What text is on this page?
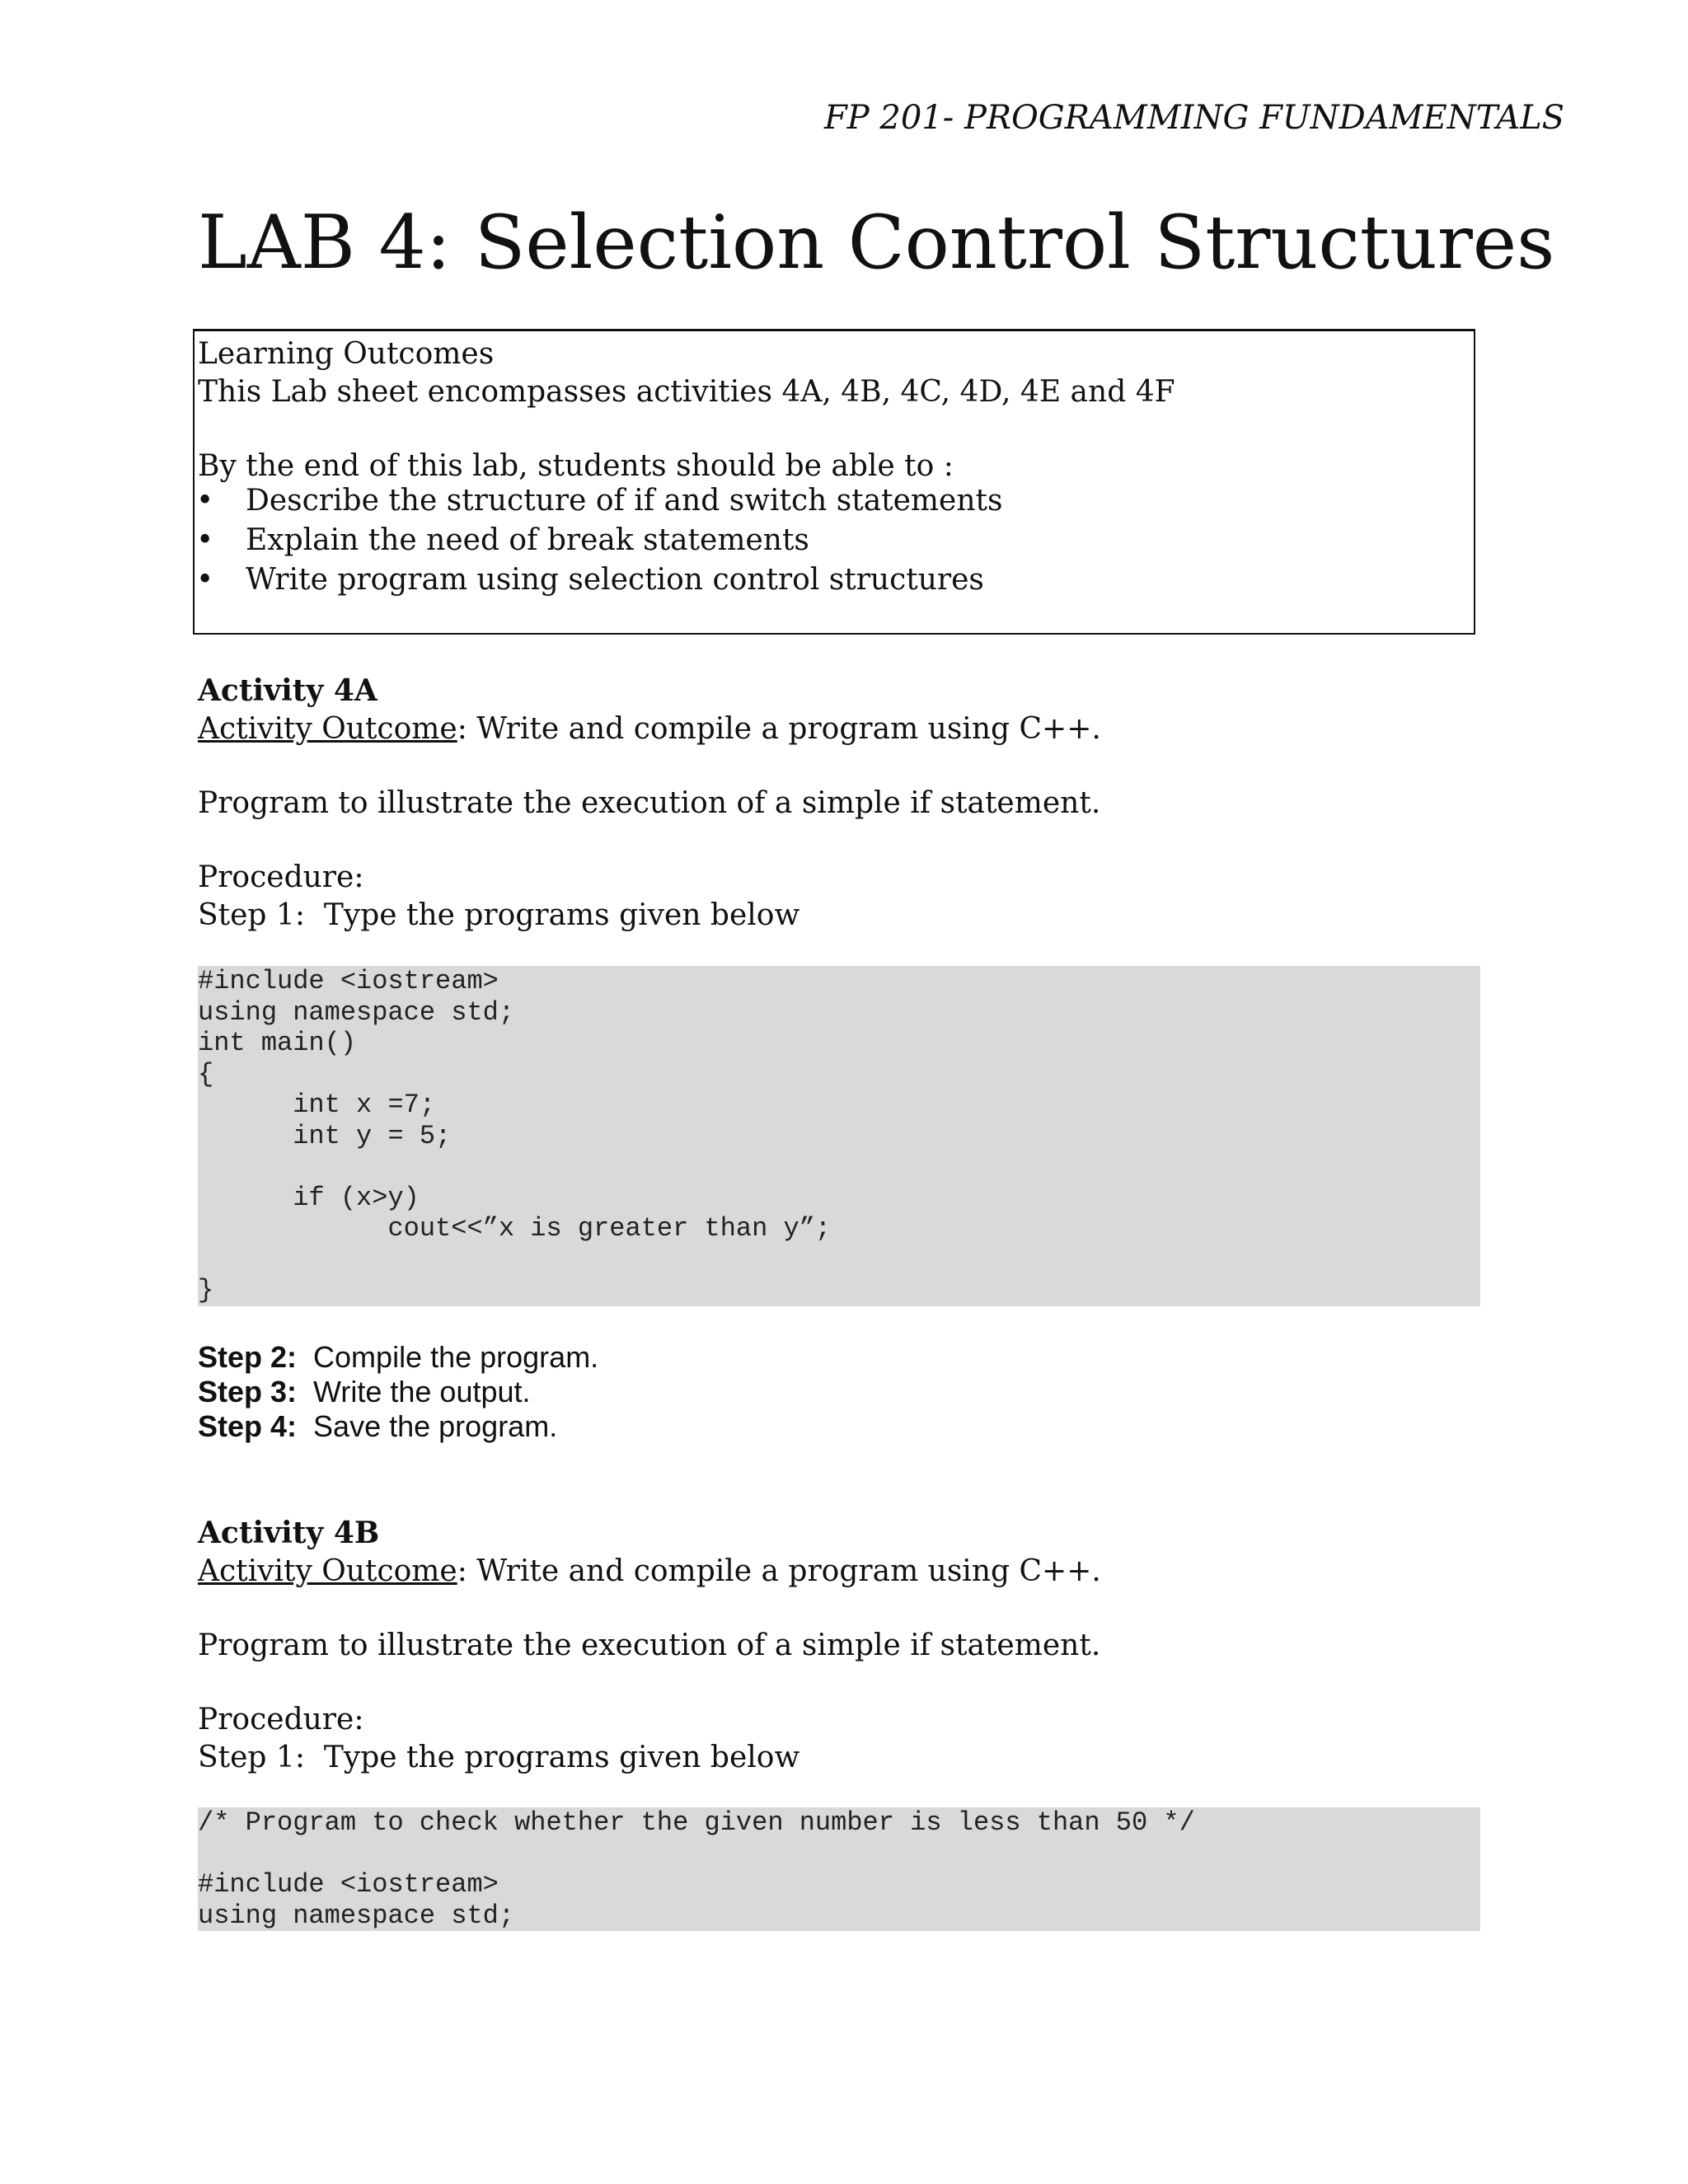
FP 201- PROGRAMMING FUNDAMENTALS
LAB 4: Selection Control Structures
Learning Outcomes
This Lab sheet encompasses activities 4A, 4B, 4C, 4D, 4E and 4F
By the end of this lab, students should be able to :
• Describe the structure of if and switch statements
• Explain the need of break statements
• Write program using selection control structures
Activity 4A
Activity Outcome: Write and compile a program using C++.
Program to illustrate the execution of a simple if statement.
Procedure:
Step 1:  Type the programs given below
#include <iostream>
using namespace std;
int main()
{
int x =7;
int y = 5;
if (x>y)
cout<<”x is greater than y”;
}
Step 2:  Compile the program.
Step 3:  Write the output.
Step 4:  Save the program.
Activity 4B
Activity Outcome: Write and compile a program using C++.
Program to illustrate the execution of a simple if statement.
Procedure:
Step 1:  Type the programs given below
/* Program to check whether the given number is less than 50 */
#include <iostream>
using namespace std;
